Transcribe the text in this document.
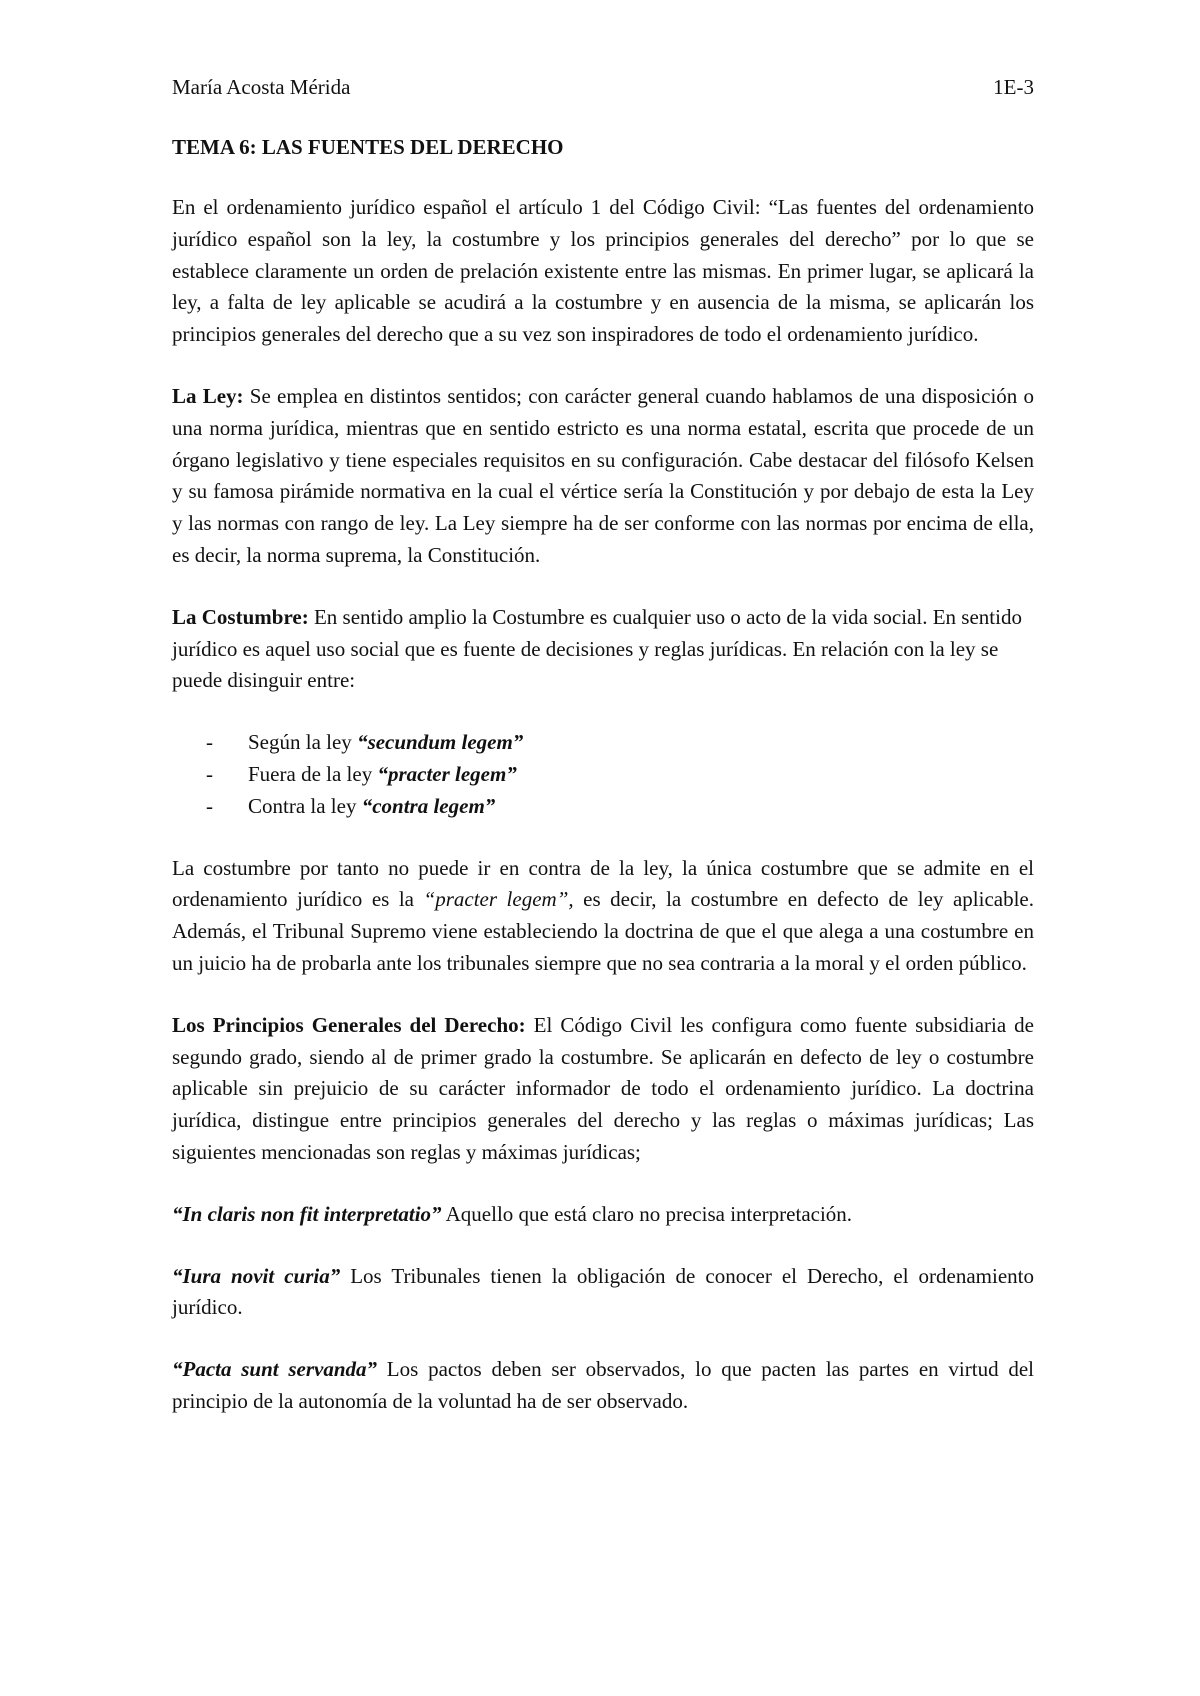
María Acosta Mérida	1E-3
TEMA 6: LAS FUENTES DEL DERECHO

En el ordenamiento jurídico español el artículo 1 del Código Civil: “Las fuentes del ordenamiento jurídico español son la ley, la costumbre y los principios generales del derecho” por lo que se establece claramente un orden de prelación existente entre las mismas. En primer lugar, se aplicará la ley, a falta de ley aplicable se acudirá a la costumbre y en ausencia de la misma, se aplicarán los principios generales del derecho que a su vez son inspiradores de todo el ordenamiento jurídico.

La Ley: Se emplea en distintos sentidos; con carácter general cuando hablamos de una disposición o una norma jurídica, mientras que en sentido estricto es una norma estatal, escrita que procede de un órgano legislativo y tiene especiales requisitos en su configuración. Cabe destacar del filósofo Kelsen y su famosa pirámide normativa en la cual el vértice sería la Constitución y por debajo de esta la Ley y las normas con rango de ley. La Ley siempre ha de ser conforme con las normas por encima de ella, es decir, la norma suprema, la Constitución.

La Costumbre: En sentido amplio la Costumbre es cualquier uso o acto de la vida social. En sentido jurídico es aquel uso social que es fuente de decisiones y reglas jurídicas. En relación con la ley se puede disinguir entre:

-	Según la ley “secundum legem”
-	Fuera de la ley “practer legem”
-	Contra la ley “contra legem”

La costumbre por tanto no puede ir en contra de la ley, la única costumbre que se admite en el ordenamiento jurídico es la “practer legem”, es decir, la costumbre en defecto de ley aplicable. Además, el Tribunal Supremo viene estableciendo la doctrina de que el que alega a una costumbre en un juicio ha de probarla ante los tribunales siempre que no sea contraria a la moral y el orden público.

Los Principios Generales del Derecho: El Código Civil les configura como fuente subsidiaria de segundo grado, siendo al de primer grado la costumbre. Se aplicarán en defecto de ley o costumbre aplicable sin prejuicio de su carácter informador de todo el ordenamiento jurídico. La doctrina jurídica, distingue entre principios generales del derecho y las reglas o máximas jurídicas; Las siguientes mencionadas son reglas y máximas jurídicas;

“In claris non fit interpretatio” Aquello que está claro no precisa interpretación.

“Iura novit curia” Los Tribunales tienen la obligación de conocer el Derecho, el ordenamiento jurídico.

“Pacta sunt servanda” Los pactos deben ser observados, lo que pacten las partes en virtud del principio de la autonomía de la voluntad ha de ser observado.
